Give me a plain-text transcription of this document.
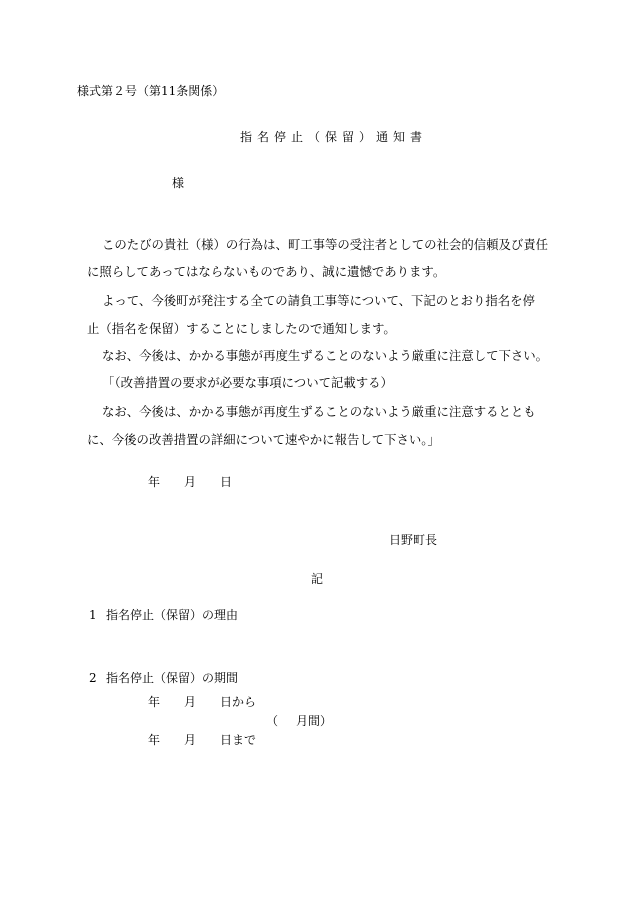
様式第２号（第11条関係）
指名停止（保留）通知書
様
このたびの貴社（様）の行為は、町工事等の受注者としての社会的信頼及び責任
に照らしてあってはならないものであり、誠に遺憾であります。
よって、今後町が発注する全ての請負工事等について、下記のとおり指名を停
止（指名を保留）することにしましたので通知します。
なお、今後は、かかる事態が再度生ずることのないよう厳重に注意して下さい。
「（改善措置の要求が必要な事項について記載する）
なお、今後は、かかる事態が再度生ずることのないよう厳重に注意するととも
に、今後の改善措置の詳細について速やかに報告して下さい。」
年 月 日
日野町長
記
1 指名停止（保留）の理由
2 指名停止（保留）の期間
年 月 日から
（ 月間）
年 月 日まで
